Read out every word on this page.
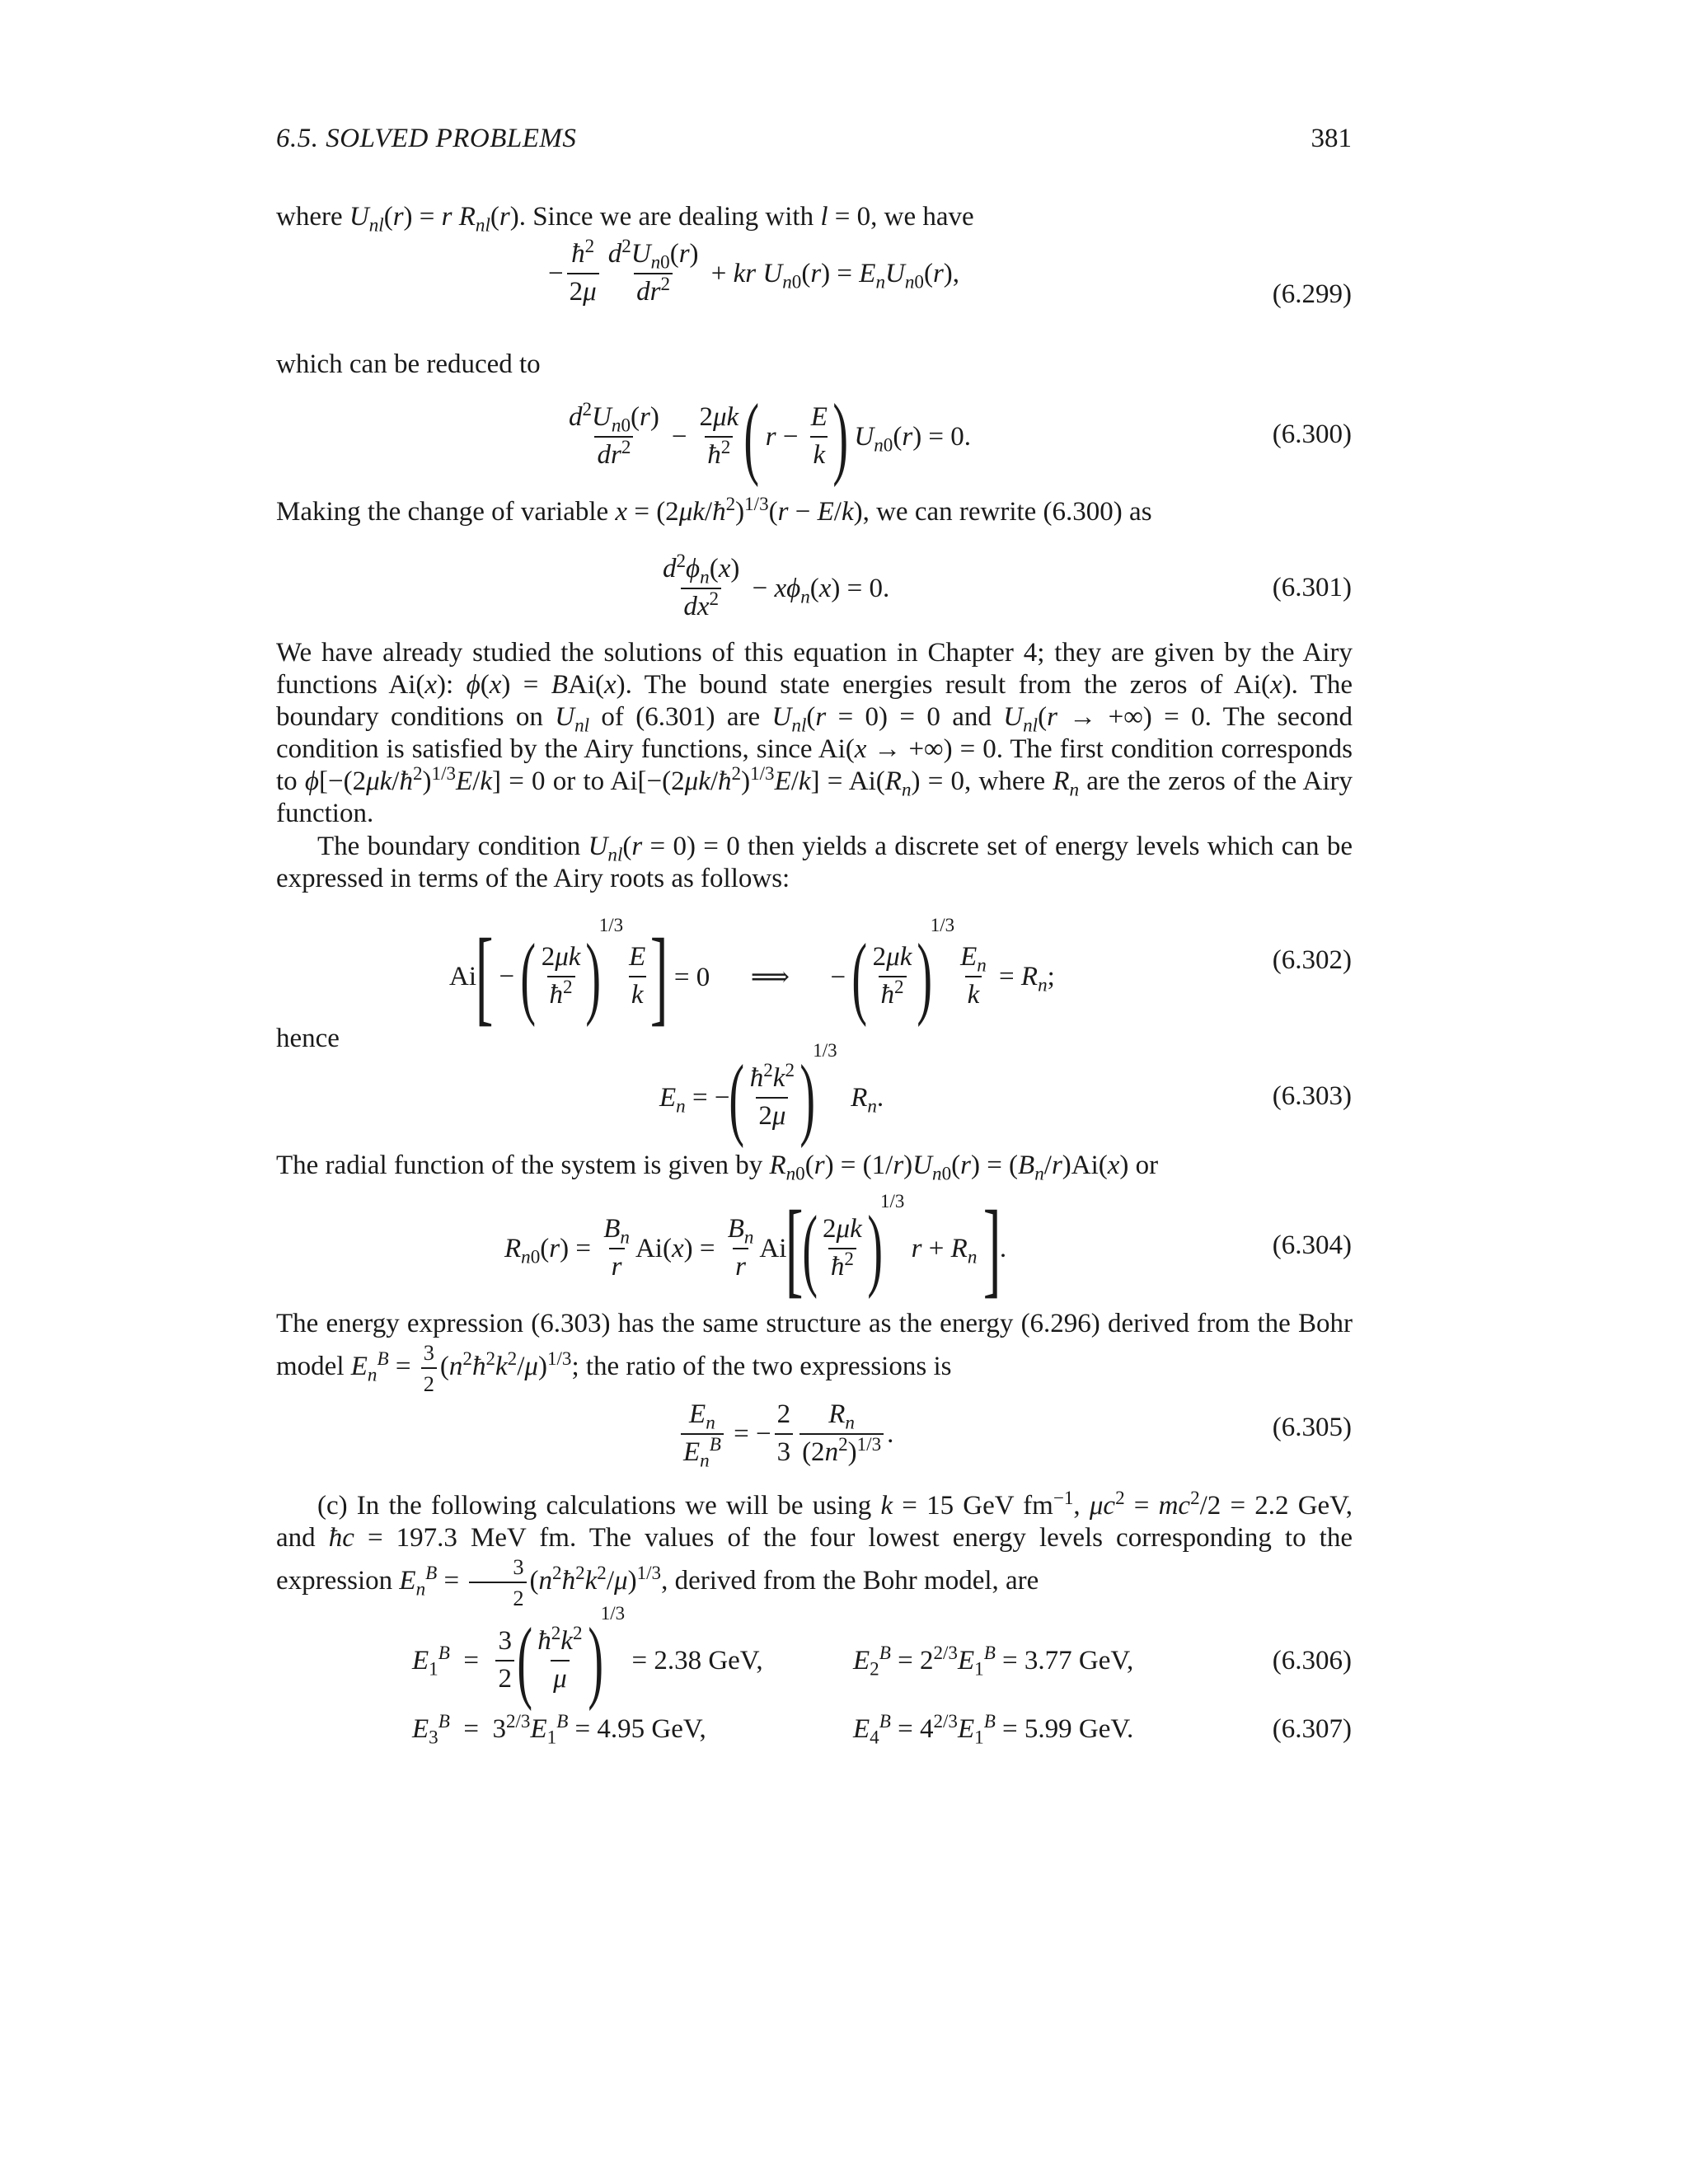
6.5. SOLVED PROBLEMS	381

where $U_{nl}(r) = r$ $R_{nl}(r)$. Since we are dealing with l = 0, we have

− $\frac{ħ^2}{2\mu} \frac{d^2U_{n0}(r)}{dr^2}$ + kr $U_{n0}(r) = E_nU_{n0}(r)$,
(6.299)

which can be reduced to

$\frac{d^2U_{n0}(r)}{dr^2} - \frac{2\mu k}{ħ^2}$ ( $r - \frac{E}{k}$ ) $U_{n0}(r) = 0$.	(6.300)

Making the change of variable $x = (2\mu k/ħ^2)^{1/3}(r - E/k)$, we can rewrite (6.300) as

$\frac{d^2\phi_n(x)}{dx^2} - x\phi_n(x) = 0$.	(6.301)

We have already studied the solutions of this equation in Chapter 4; they are given by the Airy functions Ai(x): ϕ(x) = BAi(x). The bound state energies result from the zeros of Ai(x). The boundary conditions on $U_{nl}$ of (6.301) are $U_{nl}(r = 0) = 0$ and $U_{nl}(r$ → +∞) = 0. The second condition is satisfied by the Airy functions, since Ai(x → +∞) = 0. The first condition corresponds to $\phi[-(2\mu k/ħ^2)^{1/3}E/k] = 0$ or to $Ai[-(2\mu k/ħ^2)^{1/3}E/k] = Ai(R_n) = 0$, where $R_n$ are the zeros of the Airy function.

The boundary condition $U_{nl}(r = 0) = 0$ then yields a discrete set of energy levels which can be expressed in terms of the Airy roots as follows:

Ai
[
− ( $\frac{2\mu k}{ħ^2}$ )
1/3
$\frac{E}{k}$ ]
= 0      ⟹      − ( $\frac{2\mu k}{ħ^2}$ )
1/3
$\frac{E_n}{k} = R_n$;
(6.302)

hence

$E_n$ = − ( $\frac{ħ^2k^2}{2\mu}$ )
1/3
$R_n$.	(6.303)

The radial function of the system is given by $R_{n0}(r) = (1/r)U_{n0}(r) = (B_n/r)Ai(x)$ or

$R_{n0}(r) = \frac{B_n}{r} Ai(x) = \frac{B_n}{r}$ Ai
[
( $\frac{2\mu k}{ħ^2}$ )
1/3
$r + R_n$ ]
.	(6.304)

The energy expression (6.303) has the same structure as the energy (6.296) derived from the Bohr model $E_n^B = \frac{3}{2}$ $(n^2ħ^2k^2/\mu)^{1/3}$; the ratio of the two expressions is

$\frac{E_n}{E_n^B}$ = − $\frac{2}{3} \frac{R_n}{(2n^2)^{1/3}}$ .	(6.305)

(c) In the following calculations we will be using k = 15 GeV $fm^{-1}$, $\mu c^2 = mc^2/2 = 2.2$ GeV, and ħc = 197.3 MeV fm. The values of the four lowest energy levels corresponding to the expression $E_n^B = \frac{3}{2}$ $(n^2ħ^2k^2/\mu)^{1/3}$, derived from the Bohr model, are

$E_1^B = \frac{3}{2}$ ( $\frac{ħ^2k^2}{\mu}$ )
1/3
= 2.38 GeV,	$E_2^B = 2^{2/3}E_1^B = 3.77$ GeV,	(6.306)
$E_3^B = 3^{2/3}E_1^B = 4.95$ GeV,	$E_4^B = 4^{2/3}E_1^B = 5.99$ GeV.	(6.307)
